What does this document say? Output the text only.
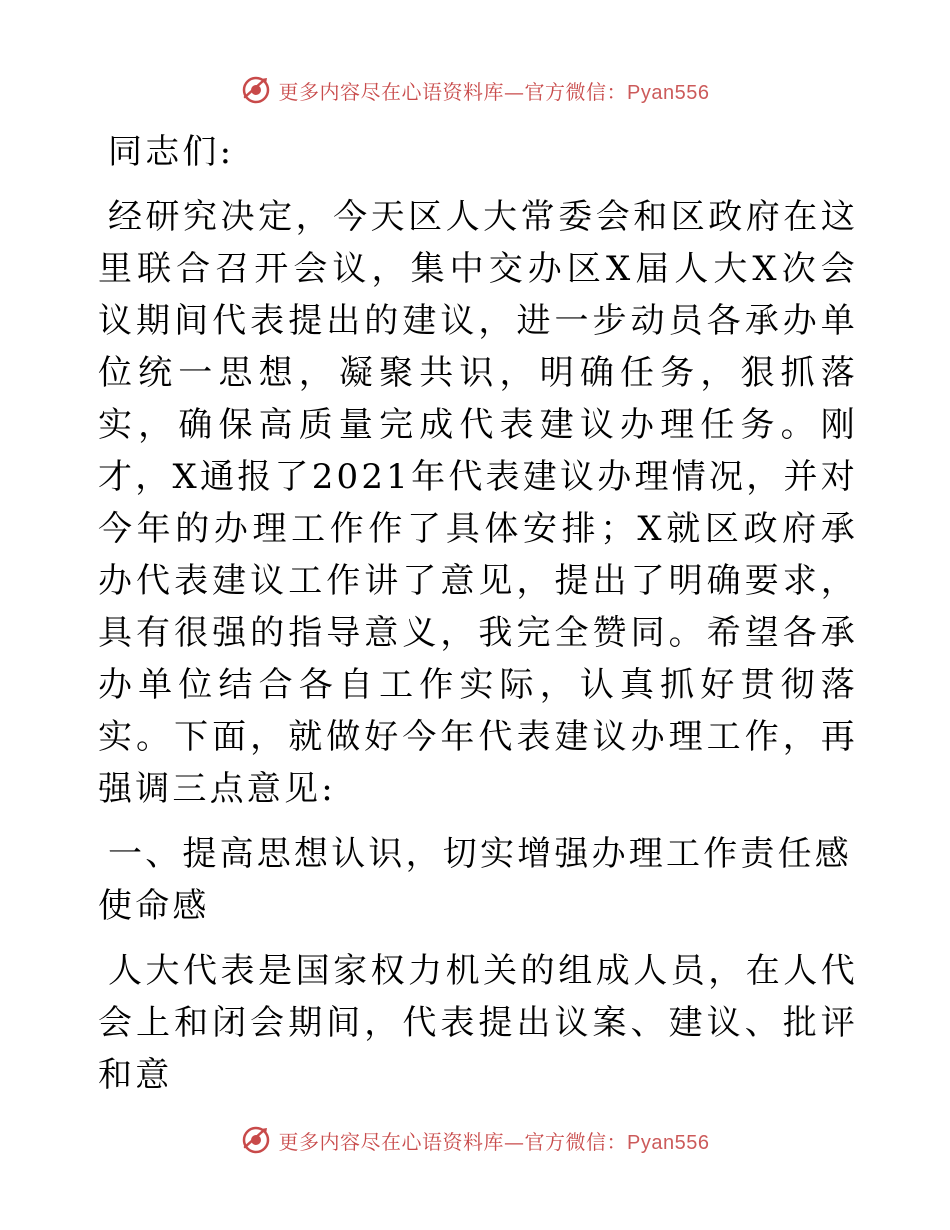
更多内容尽在心语资料库—官方微信：Pyan556

同志们:

经研究决定，今天区人大常委会和区政府在这里联合召开会议，集中交办区X届人大X次会议期间代表提出的建议，进一步动员各承办单位统一思想，凝聚共识，明确任务，狠抓落实，确保高质量完成代表建议办理任务。刚才，X通报了2021年代表建议办理情况，并对今年的办理工作作了具体安排；X就区政府承办代表建议工作讲了意见，提出了明确要求，具有很强的指导意义，我完全赞同。希望各承办单位结合各自工作实际，认真抓好贯彻落实。下面，就做好今年代表建议办理工作，再强调三点意见:

一、提高思想认识，切实增强办理工作责任感使命感

人大代表是国家权力机关的组成人员，在人代会上和闭会期间，代表提出议案、建议、批评和意

更多内容尽在心语资料库—官方微信：Pyan556
